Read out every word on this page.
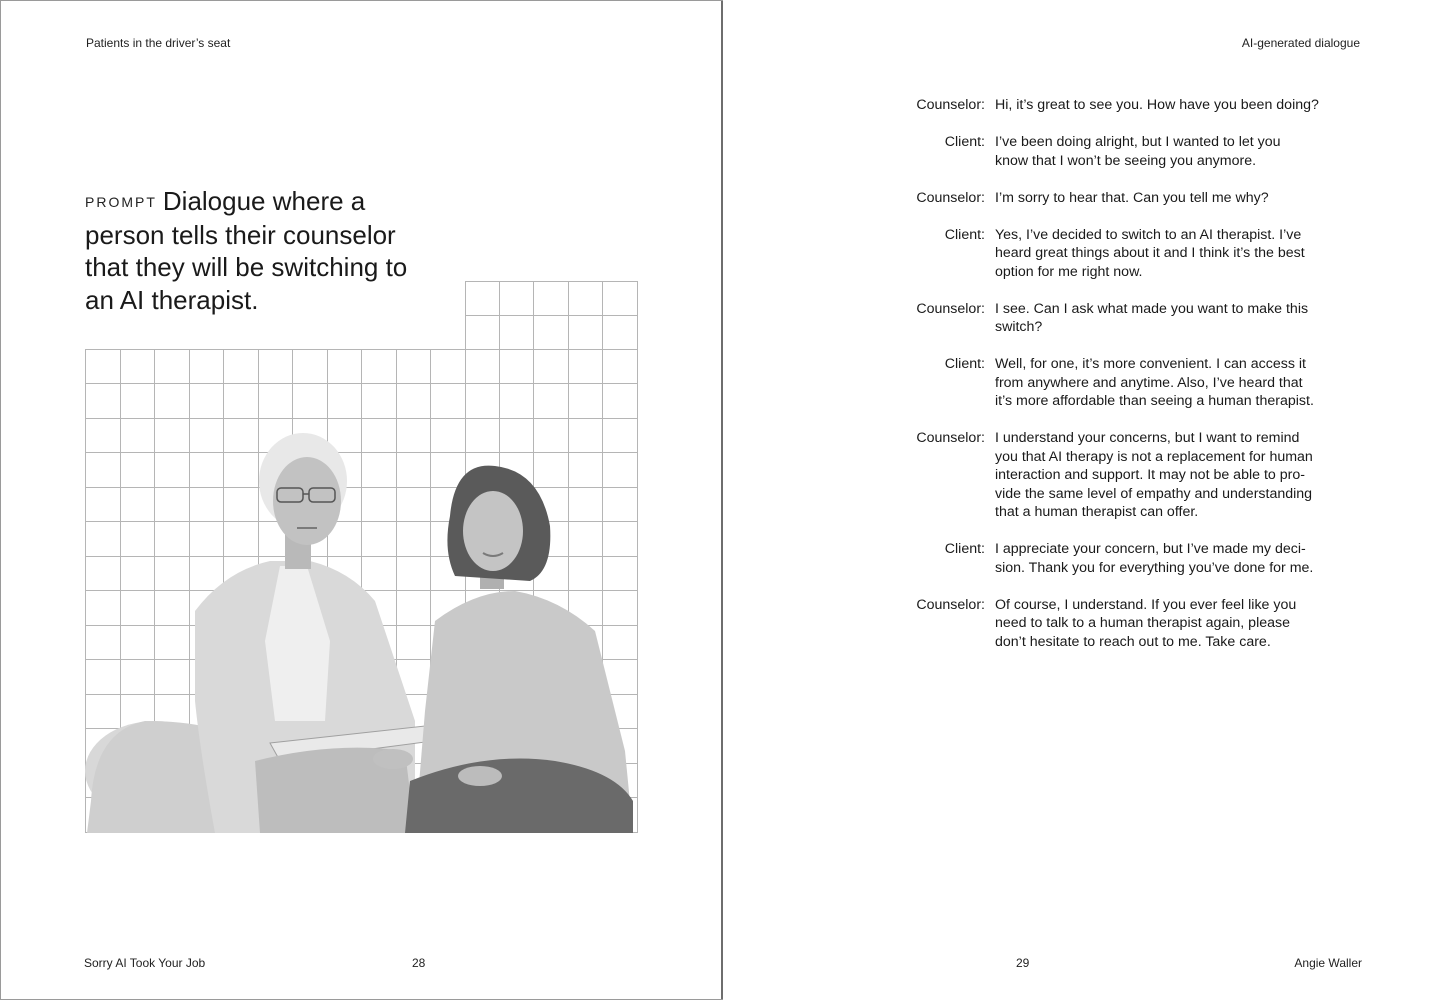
Patients in the driver’s seat
PROMPT Dialogue where a person tells their counselor that they will be switching to an AI therapist.
Sorry AI Took Your Job	28
AI-generated dialogue
Counselor: Hi, it’s great to see you. How have you been doing?
Client: I’ve been doing alright, but I wanted to let you
know that I won’t be seeing you anymore.
Counselor: I’m sorry to hear that. Can you tell me why?
Client: Yes, I’ve decided to switch to an AI therapist. I’ve
heard great things about it and I think it’s the best
option for me right now.
Counselor: I see. Can I ask what made you want to make this
switch?
Client: Well, for one, it’s more convenient. I can access it
from anywhere and anytime. Also, I’ve heard that
it’s more affordable than seeing a human therapist.
Counselor: I understand your concerns, but I want to remind
you that AI therapy is not a replacement for human
interaction and support. It may not be able to pro-
vide the same level of empathy and understanding
that a human therapist can offer.
Client: I appreciate your concern, but I’ve made my deci-
sion. Thank you for everything you’ve done for me.
Counselor: Of course, I understand. If you ever feel like you
need to talk to a human therapist again, please
don’t hesitate to reach out to me. Take care.
29	Angie Waller
